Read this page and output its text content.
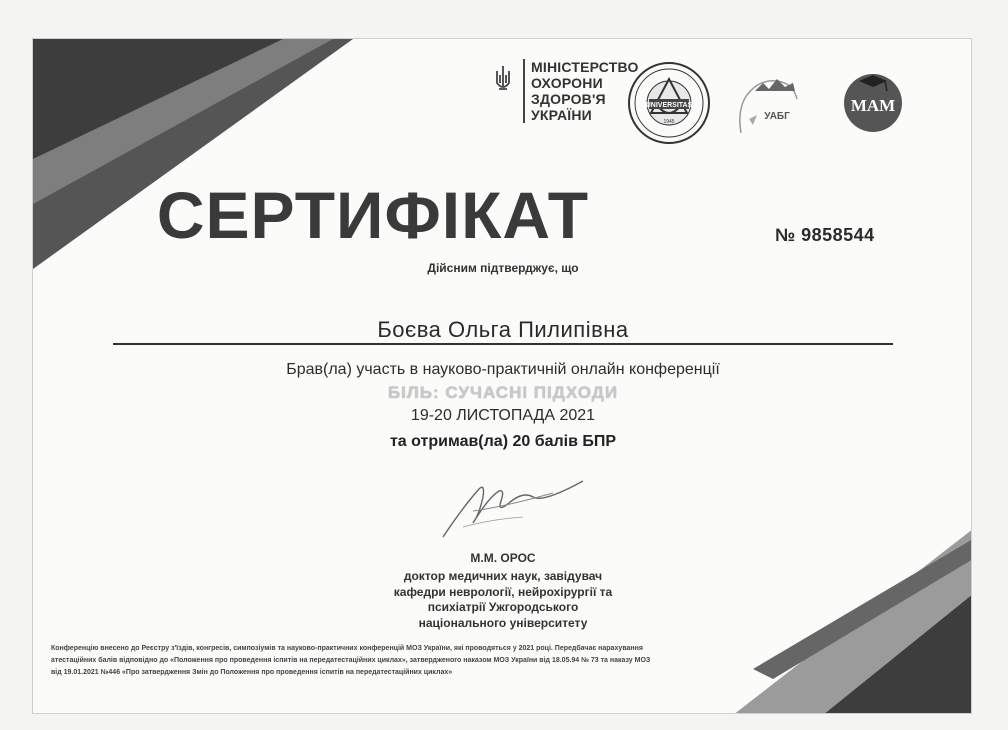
МІНІСТЕРСТВО
ОХОРОНИ
ЗДОРОВ'Я
УКРАЇНИ
UNIVERSITAS
1945	УАБГ
МАМ
СЕРТИФІКАТ	№ 9858544
Дійсним підтверджує, що
Боєва Ольга Пилипівна
Брав(ла) участь в науково-практичній онлайн конференції
БІЛЬ: СУЧАСНІ ПІДХОДИ
19-20 ЛИСТОПАДА 2021
та отримав(ла) 20 балів БПР
М.М. ОРОС
доктор медичних наук, завідувач
кафедри неврології, нейрохірургії та
психіатрії Ужгородського
національного університету
Конференцію внесено до Реєстру з'їздів, конгресів, симпозіумів та науково-практичних конференцій МОЗ України, які проводяться у 2021 році. Передбачає нарахування
атестаційних балів відповідно до «Положення про проведення іспитів на передатестаційних циклах», затвердженого наказом МОЗ України від 18.05.94 № 73 та наказу МОЗ
від 19.01.2021 №446 «Про затвердження Змін до Положення про проведення іспитів на передатестаційних циклах»
